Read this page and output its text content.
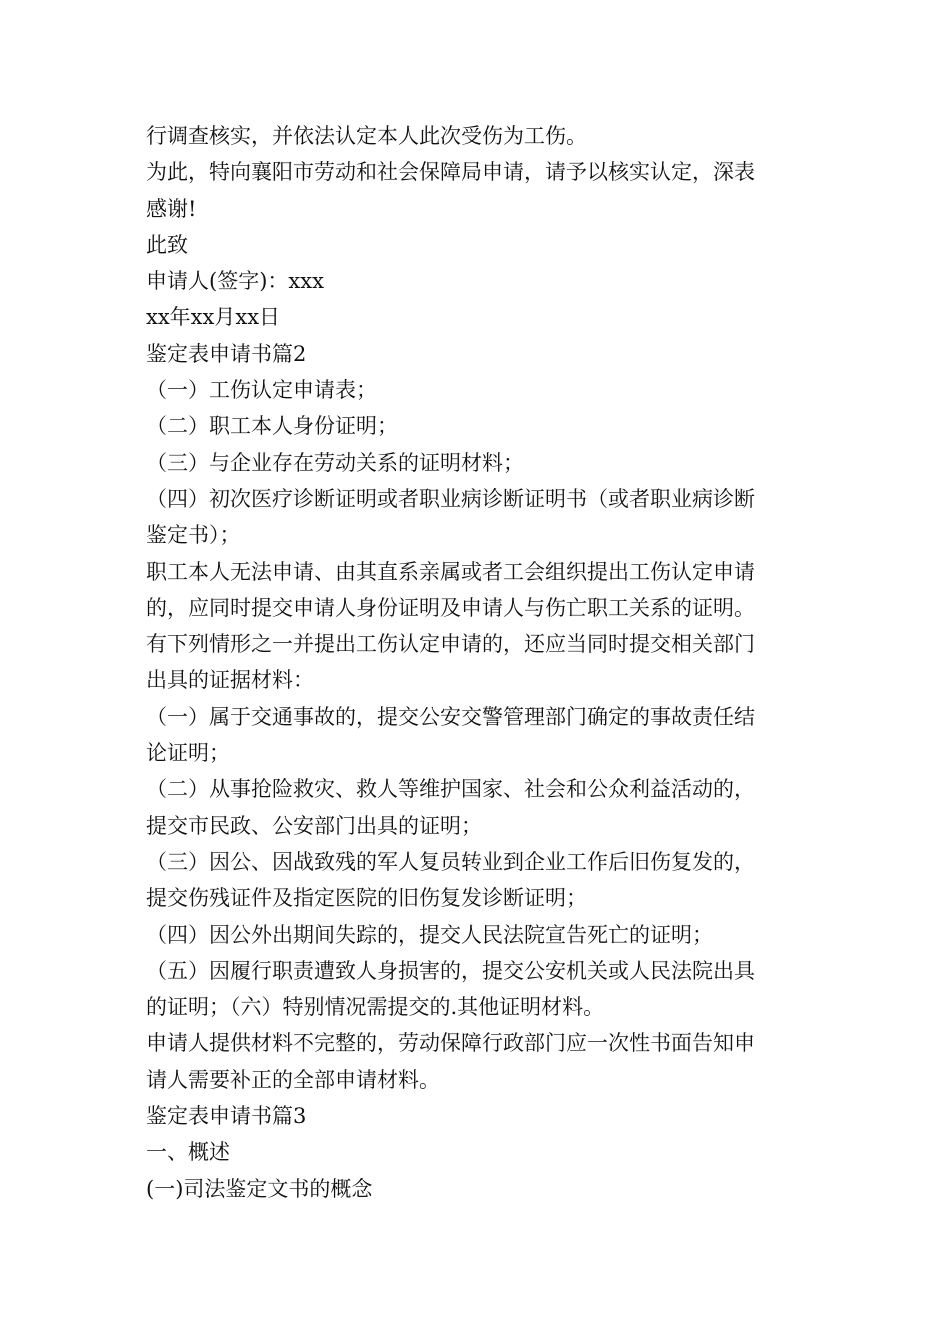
行调查核实，并依法认定本人此次受伤为工伤。
为此，特向襄阳市劳动和社会保障局申请，请予以核实认定，深表
感谢!
此致
申请人(签字)：xxx
xx年xx月xx日
鉴定表申请书篇2
（一）工伤认定申请表；
（二）职工本人身份证明；
（三）与企业存在劳动关系的证明材料；
（四）初次医疗诊断证明或者职业病诊断证明书（或者职业病诊断
鉴定书）；
职工本人无法申请、由其直系亲属或者工会组织提出工伤认定申请
的，应同时提交申请人身份证明及申请人与伤亡职工关系的证明。
有下列情形之一并提出工伤认定申请的，还应当同时提交相关部门
出具的证据材料：
（一）属于交通事故的，提交公安交警管理部门确定的事故责任结
论证明；
（二）从事抢险救灾、救人等维护国家、社会和公众利益活动的，
提交市民政、公安部门出具的证明；
（三）因公、因战致残的军人复员转业到企业工作后旧伤复发的，
提交伤残证件及指定医院的旧伤复发诊断证明；
（四）因公外出期间失踪的，提交人民法院宣告死亡的证明；
（五）因履行职责遭致人身损害的，提交公安机关或人民法院出具
的证明；（六）特别情况需提交的.其他证明材料。
申请人提供材料不完整的，劳动保障行政部门应一次性书面告知申
请人需要补正的全部申请材料。
鉴定表申请书篇3
一、概述
(一)司法鉴定文书的概念
